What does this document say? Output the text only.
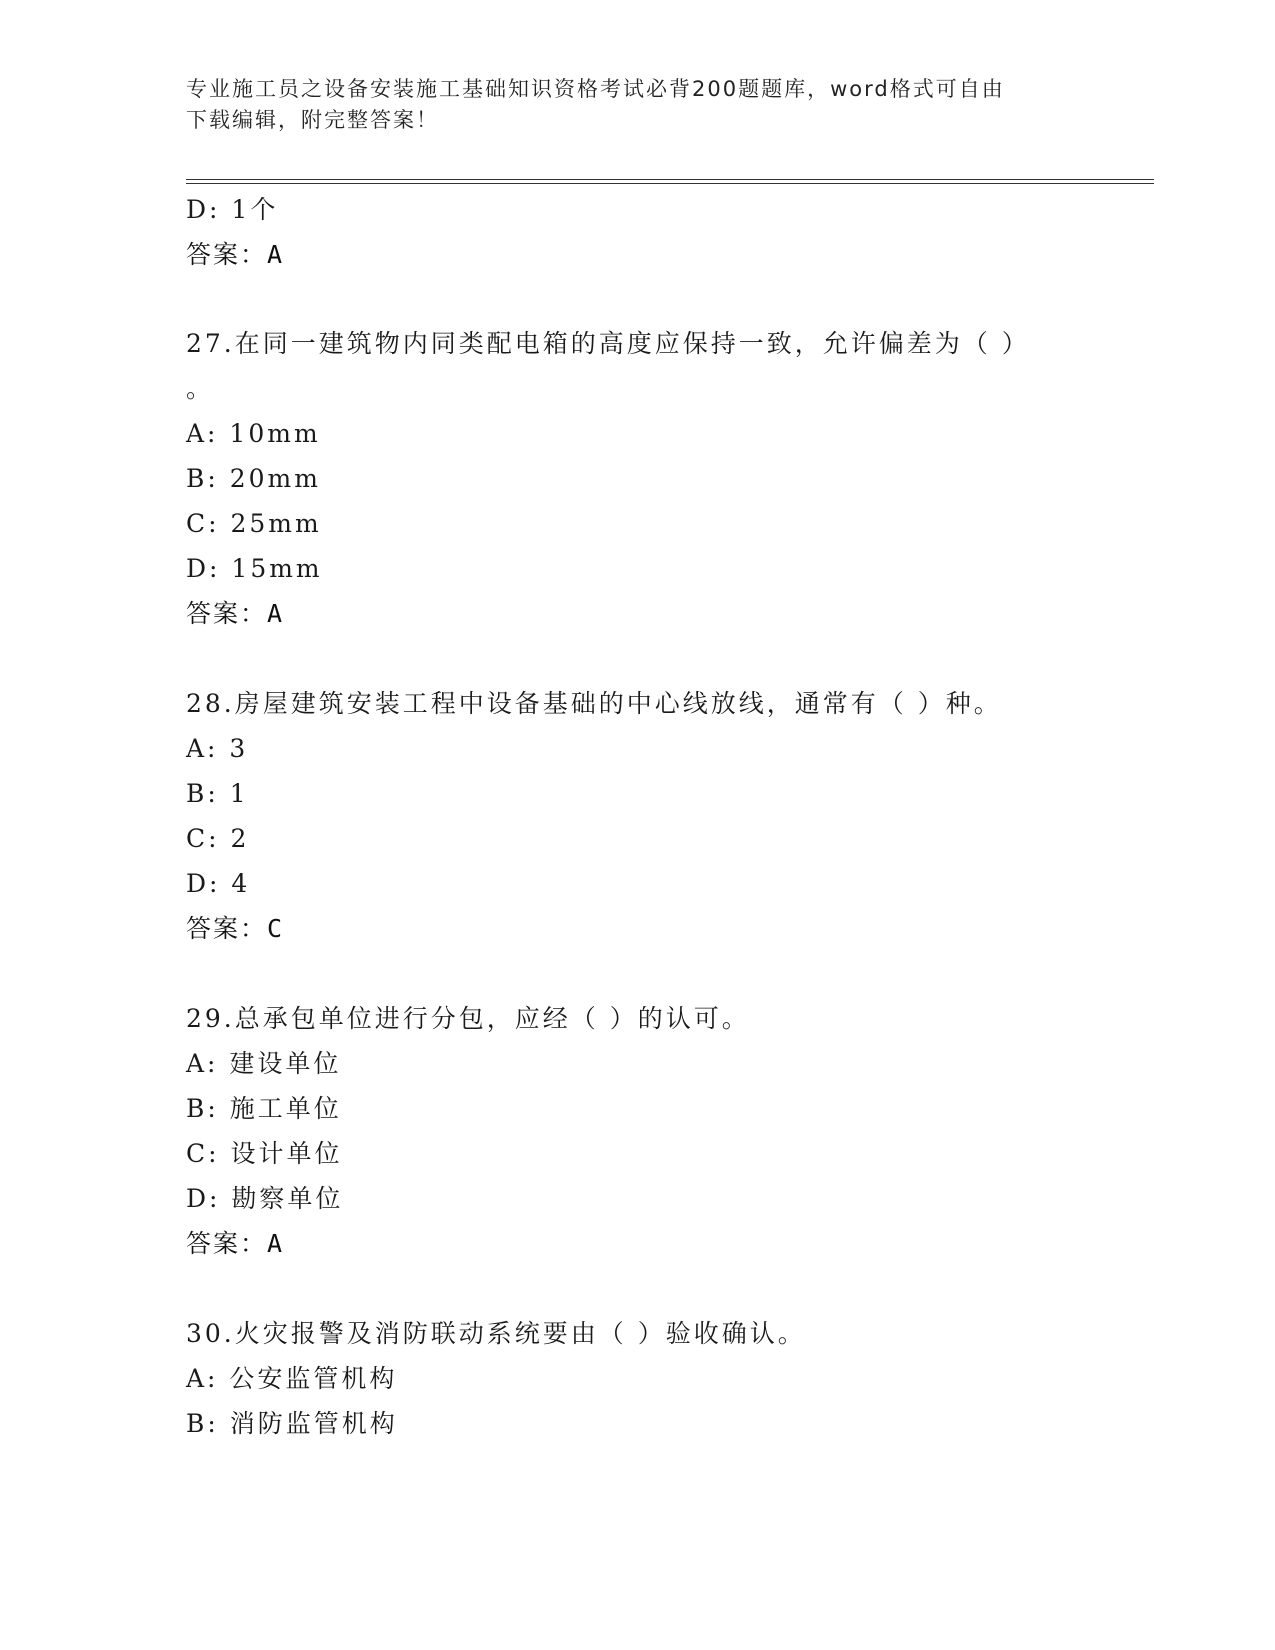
专业施工员之设备安装施工基础知识资格考试必背200题题库，word格式可自由
下载编辑，附完整答案！
D: 1个
答案：A
27.在同一建筑物内同类配电箱的高度应保持一致，允许偏差为（ ）
。
A: 10mm
B: 20mm
C: 25mm
D: 15mm
答案：A
28.房屋建筑安装工程中设备基础的中心线放线，通常有（ ）种。
A: 3
B: 1
C: 2
D: 4
答案：C
29.总承包单位进行分包，应经（ ）的认可。
A: 建设单位
B: 施工单位
C: 设计单位
D: 勘察单位
答案：A
30.火灾报警及消防联动系统要由（ ）验收确认。
A: 公安监管机构
B: 消防监管机构
